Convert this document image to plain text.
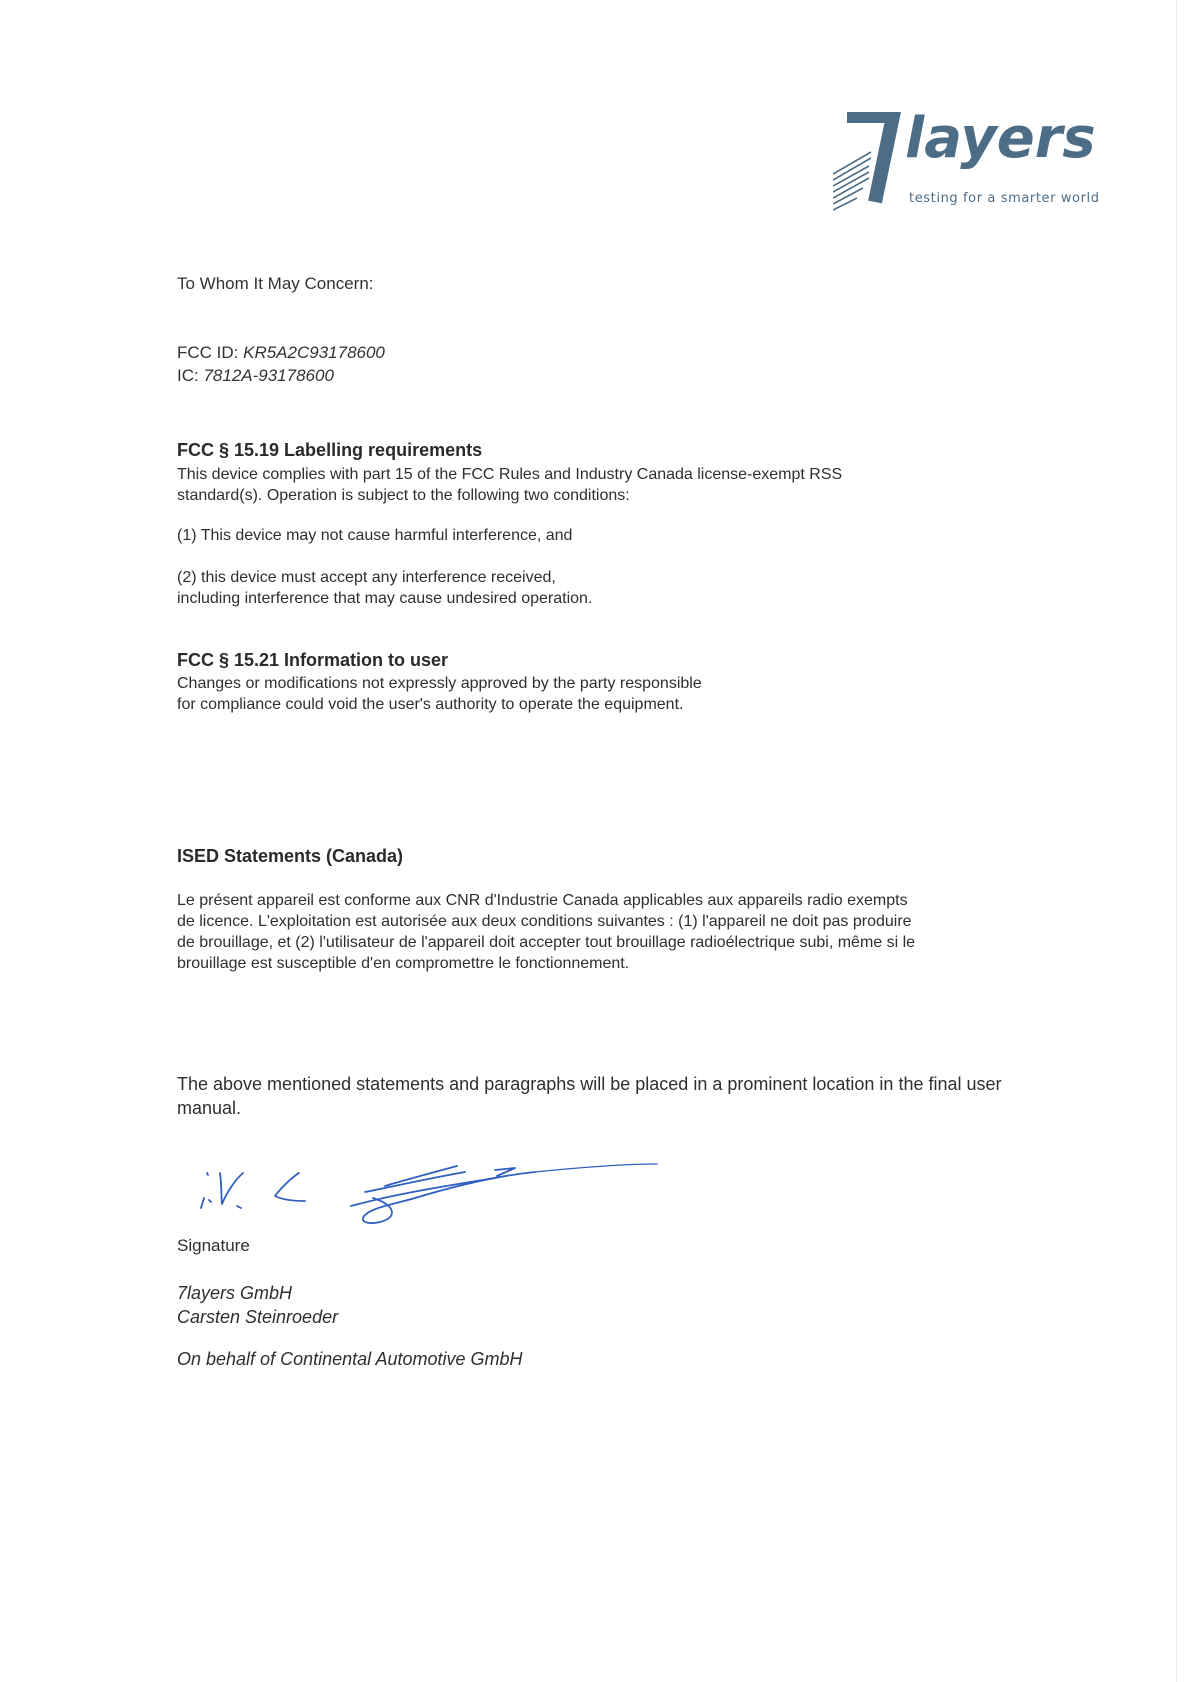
layers
testing for a smarter world
To Whom It May Concern:
FCC ID: KR5A2C93178600
IC: 7812A-93178600
FCC § 15.19 Labelling requirements
This device complies with part 15 of the FCC Rules and Industry Canada license-exempt RSS
standard(s). Operation is subject to the following two conditions:
(1) This device may not cause harmful interference, and
(2) this device must accept any interference received,
including interference that may cause undesired operation.
FCC § 15.21 Information to user
Changes or modifications not expressly approved by the party responsible
for compliance could void the user's authority to operate the equipment.
ISED Statements (Canada)
Le présent appareil est conforme aux CNR d'Industrie Canada applicables aux appareils radio exempts
de licence. L'exploitation est autorisée aux deux conditions suivantes : (1) l'appareil ne doit pas produire
de brouillage, et (2) l'utilisateur de l'appareil doit accepter tout brouillage radioélectrique subi, même si le
brouillage est susceptible d'en compromettre le fonctionnement.
The above mentioned statements and paragraphs will be placed in a prominent location in the final user manual.
Signature
7layers GmbH
Carsten Steinroeder
On behalf of Continental Automotive GmbH
